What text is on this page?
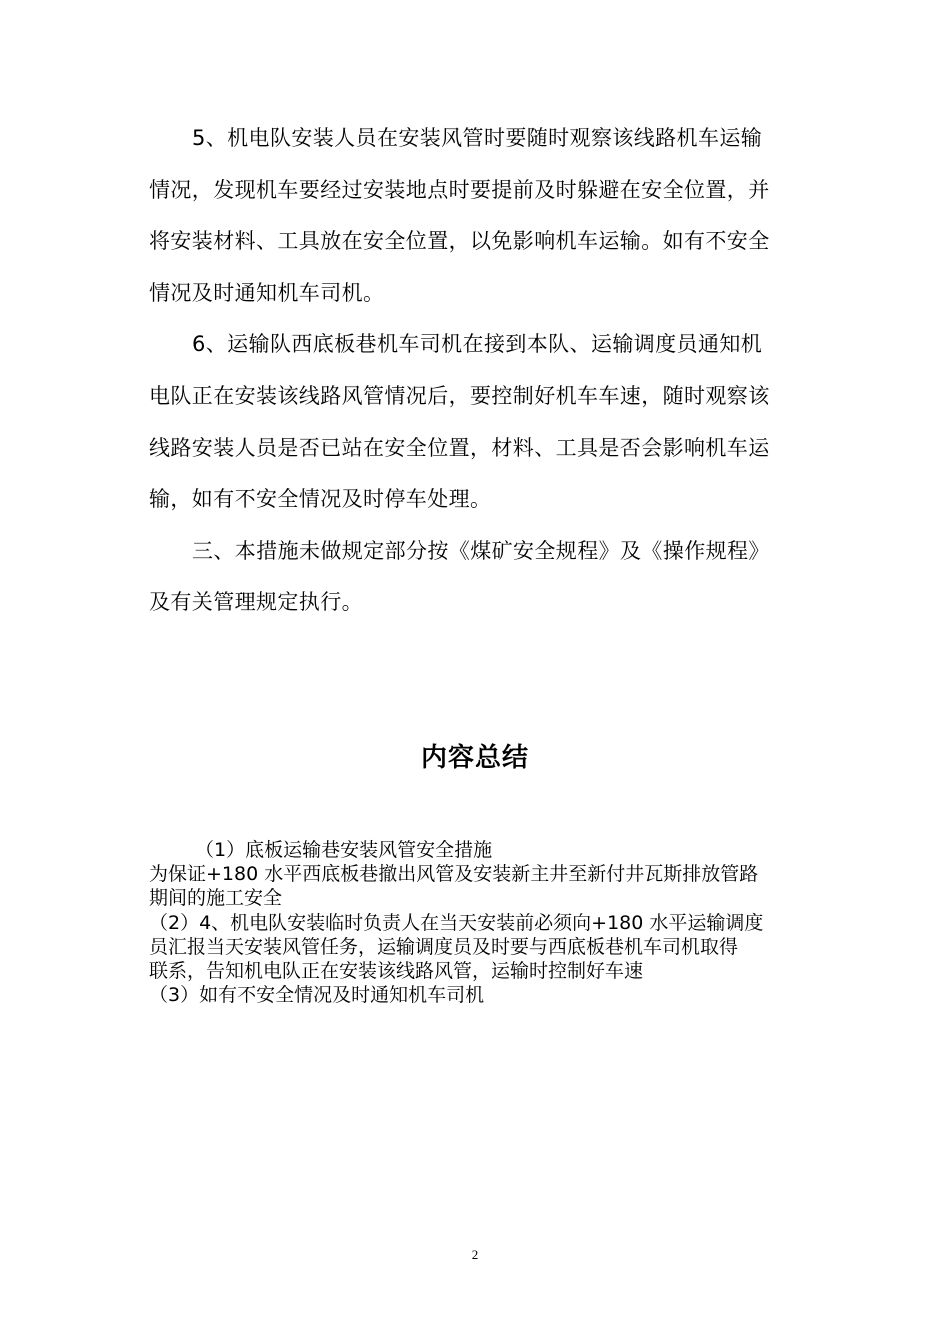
5、机电队安装人员在安装风管时要随时观察该线路机车运输
情况，发现机车要经过安装地点时要提前及时躲避在安全位置，并
将安装材料、工具放在安全位置，以免影响机车运输。如有不安全
情况及时通知机车司机。

6、运输队西底板巷机车司机在接到本队、运输调度员通知机
电队正在安装该线路风管情况后，要控制好机车车速，随时观察该
线路安装人员是否已站在安全位置，材料、工具是否会影响机车运
输，如有不安全情况及时停车处理。

三、本措施未做规定部分按《煤矿安全规程》及《操作规程》
及有关管理规定执行。

内容总结
（1）底板运输巷安装风管安全措施
为保证+180 水平西底板巷撤出风管及安装新主井至新付井瓦斯排放管路
期间的施工安全
（2）4、机电队安装临时负责人在当天安装前必须向+180 水平运输调度
员汇报当天安装风管任务，运输调度员及时要与西底板巷机车司机取得
联系，告知机电队正在安装该线路风管，运输时控制好车速
（3）如有不安全情况及时通知机车司机
2
